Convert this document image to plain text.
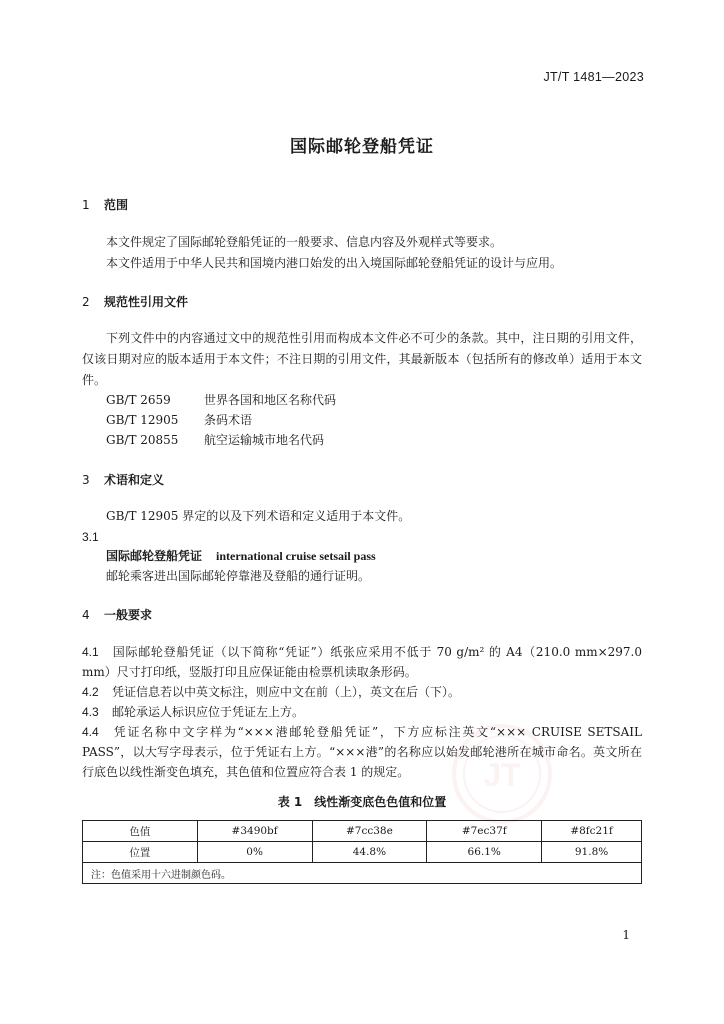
JT/T 1481—2023
国际邮轮登船凭证
1 范围
本文件规定了国际邮轮登船凭证的一般要求、信息内容及外观样式等要求。
本文件适用于中华人民共和国境内港口始发的出入境国际邮轮登船凭证的设计与应用。
2 规范性引用文件
下列文件中的内容通过文中的规范性引用而构成本文件必不可少的条款。其中，注日期的引用文件，仅该日期对应的版本适用于本文件；不注日期的引用文件，其最新版本（包括所有的修改单）适用于本文件。
GB/T 2659	世界各国和地区名称代码
GB/T 12905 条码术语
GB/T 20855 航空运输城市地名代码
3 术语和定义
GB/T 12905 界定的以及下列术语和定义适用于本文件。
3.1
国际邮轮登船凭证 international cruise setsail pass
邮轮乘客进出国际邮轮停靠港及登船的通行证明。
4 一般要求
4.1 国际邮轮登船凭证（以下简称“凭证”）纸张应采用不低于 70 g/m² 的 A4（210.0 mm×297.0 mm）尺寸打印纸，竖版打印且应保证能由检票机读取条形码。
4.2 凭证信息若以中英文标注，则应中文在前（上），英文在后（下）。
4.3 邮轮承运人标识应位于凭证左上方。
4.4 凭证名称中文字样为“×××港邮轮登船凭证”，下方应标注英文“××× CRUISE SETSAIL PASS”，以大写字母表示，位于凭证右上方。“×××港”的名称应以始发邮轮港所在城市命名。英文所在行底色以线性渐变色填充，其色值和位置应符合表 1 的规定。	JT
表 1　线性渐变底色色值和位置
色值	#3490bf	#7cc38e	#7ec37f	#8fc21f
位置	0%	44.8%	66.1%	91.8%
注：色值采用十六进制颜色码。				
1
